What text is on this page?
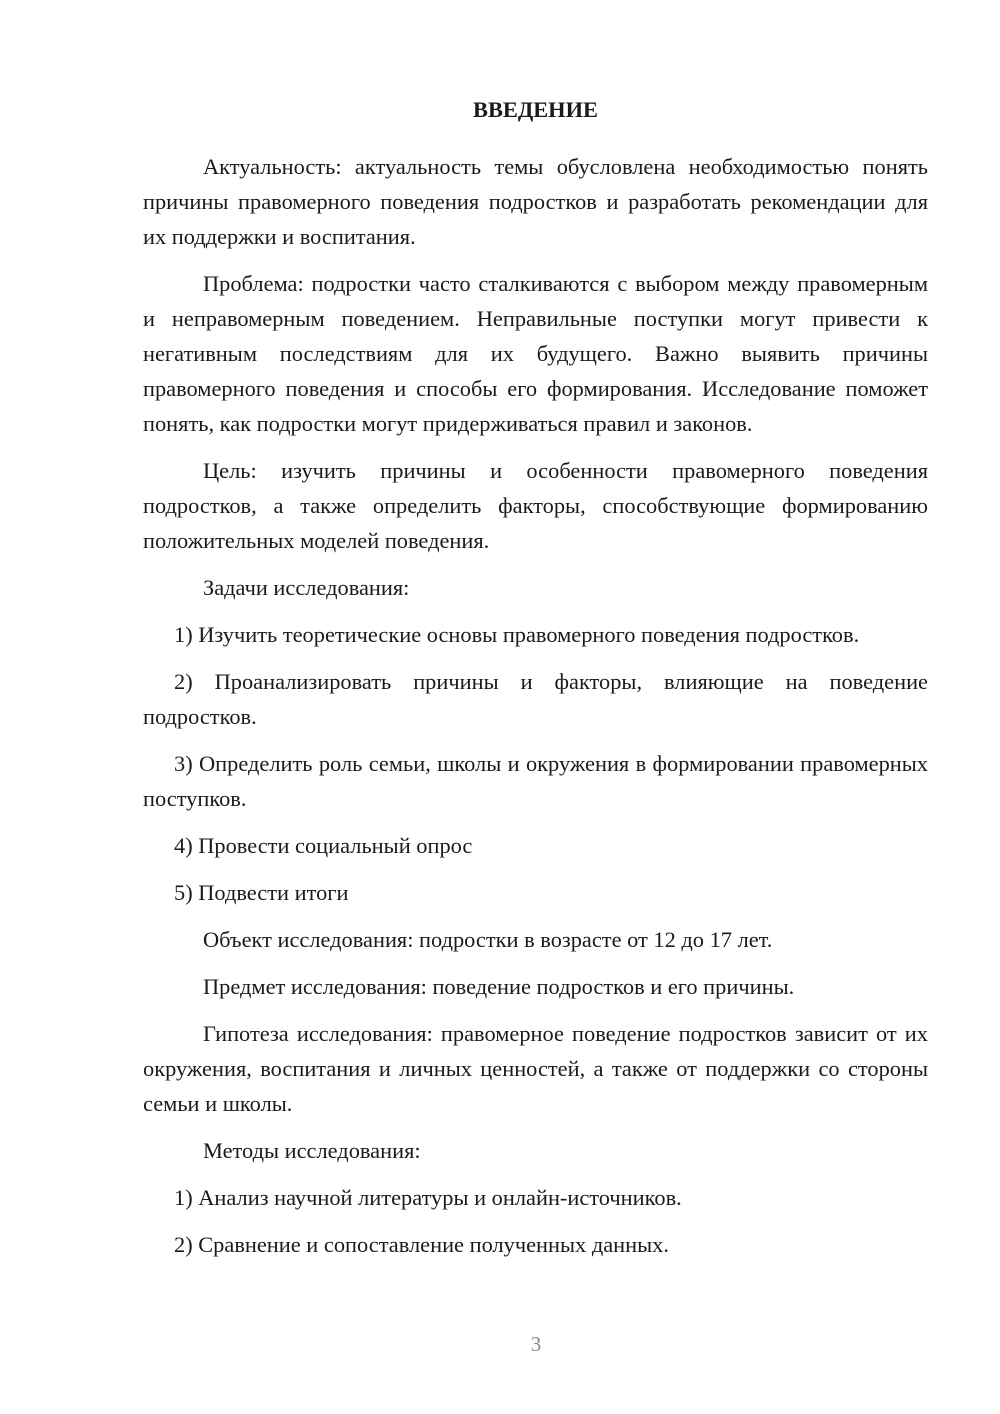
ВВЕДЕНИЕ

Актуальность: актуальность темы обусловлена необходимостью понять причины правомерного поведения подростков и разработать рекомендации для их поддержки и воспитания.

Проблема: подростки часто сталкиваются с выбором между правомерным и неправомерным поведением. Неправильные поступки могут привести к негативным последствиям для их будущего. Важно выявить причины правомерного поведения и способы его формирования. Исследование поможет понять, как подростки могут придерживаться правил и законов.

Цель: изучить причины и особенности правомерного поведения подростков, а также определить факторы, способствующие формированию положительных моделей поведения.

Задачи исследования:

1) Изучить теоретические основы правомерного поведения подростков.

2) Проанализировать причины и факторы, влияющие на поведение подростков.

3) Определить роль семьи, школы и окружения в формировании правомерных поступков.

4) Провести социальный опрос

5) Подвести итоги

Объект исследования: подростки в возрасте от 12 до 17 лет.

Предмет исследования: поведение подростков и его причины.

Гипотеза исследования: правомерное поведение подростков зависит от их окружения, воспитания и личных ценностей, а также от поддержки со стороны семьи и школы.

Методы исследования:

1) Анализ научной литературы и онлайн-источников.

2) Сравнение и сопоставление полученных данных.

3
